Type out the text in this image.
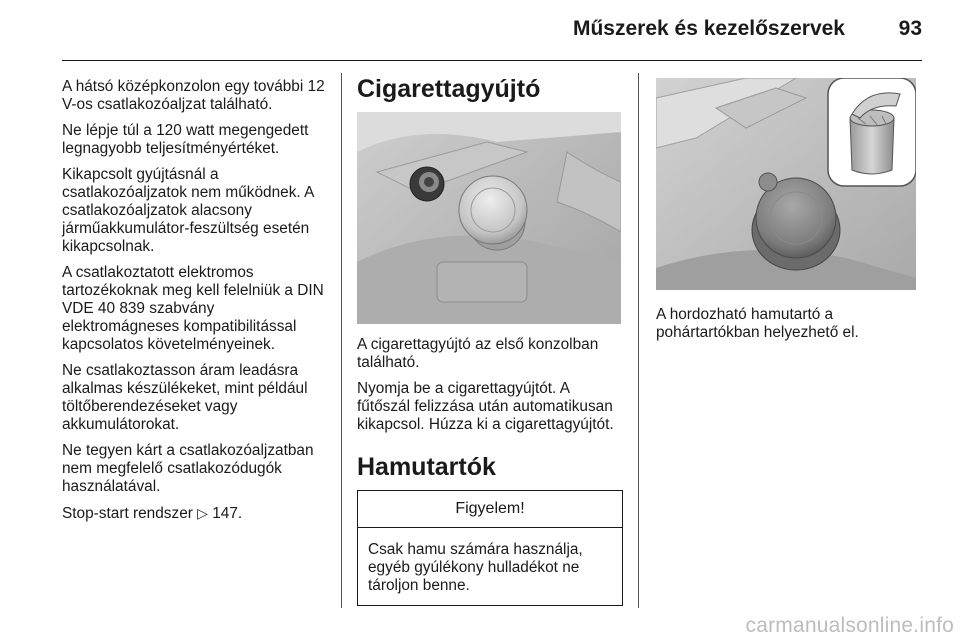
Műszerek és kezelőszervek	93

A hátsó középkonzolon egy további 12 V-os csatlakozóaljzat található.

Ne lépje túl a 120 watt megengedett legnagyobb teljesítményértéket.

Kikapcsolt gyújtásnál a csatlakozóaljzatok nem működnek. A csatlakozóaljzatok alacsony járműakkumulátor-feszültség esetén kikapcsolnak.

A csatlakoztatott elektromos tartozékoknak meg kell felelniük a DIN VDE 40 839 szabvány elektromágneses kompatibilitással kapcsolatos követelményeinek.

Ne csatlakoztasson áram leadásra alkalmas készülékeket, mint például töltőberendezéseket vagy akkumulátorokat.

Ne tegyen kárt a csatlakozóaljzatban nem megfelelő csatlakozódugók használatával.

Stop-start rendszer ▷ 147.

Cigarettagyújtó

A cigarettagyújtó az első konzolban található.

Nyomja be a cigarettagyújtót. A fűtőszál felizzása után automatikusan kikapcsol. Húzza ki a cigarettagyújtót.

Hamutartók
Figyelem!
Csak hamu számára használja, egyéb gyúlékony hulladékot ne tároljon benne.

A hordozható hamutartó a pohártartókban helyezhető el.

carmanualsonline.info
